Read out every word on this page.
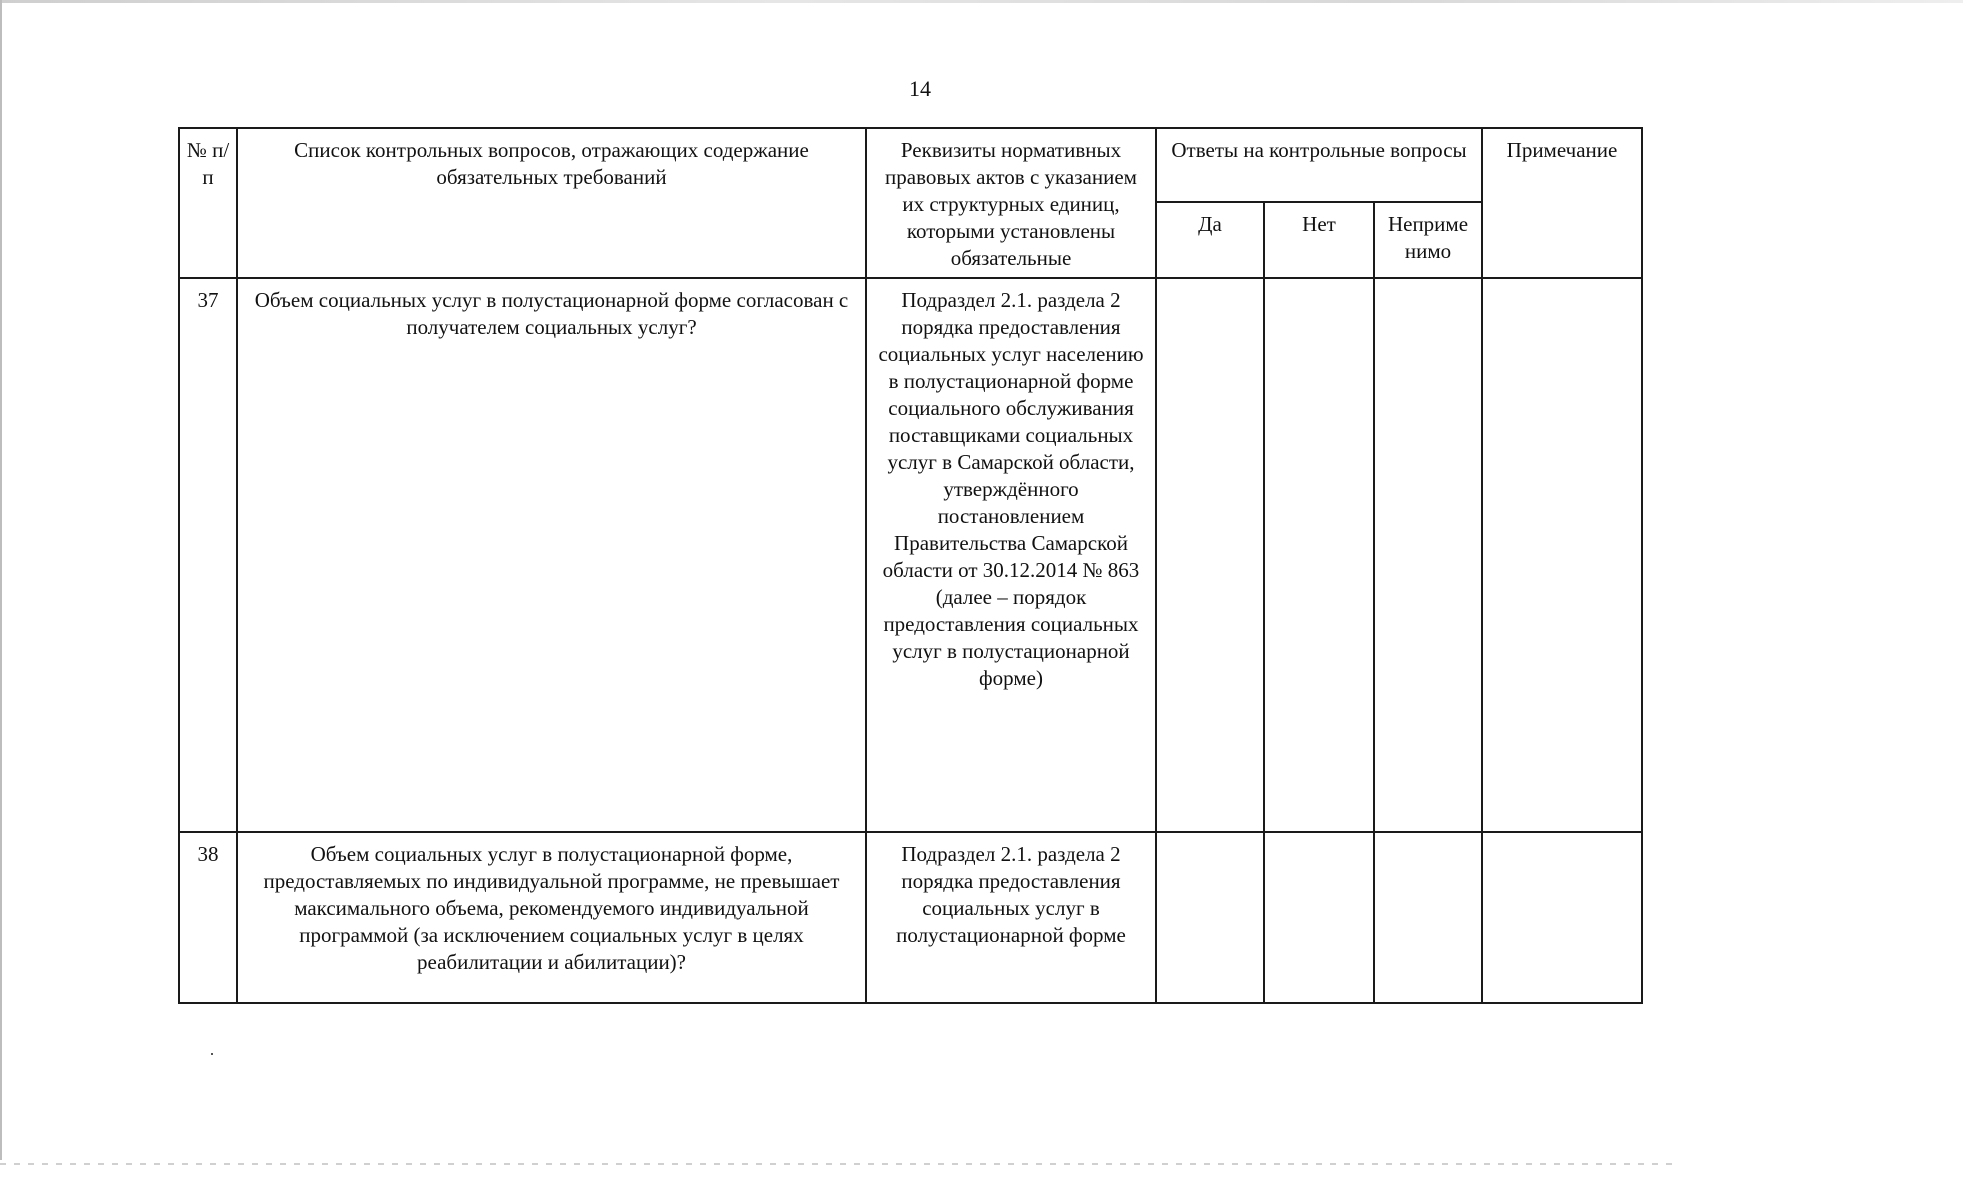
14
№ п/п	Список контрольных вопросов, отражающих содержание обязательных требований	Реквизиты нормативных правовых актов с указанием их структурных единиц, которыми установлены обязательные	Ответы на контрольные вопросы			Примечание
			Да	Нет	Неприме нимо	
37	Объем социальных услуг в полустационарной форме согласован с получателем социальных услуг?	Подраздел 2.1. раздела 2 порядка предоставления социальных услуг населению в полустационарной форме социального обслуживания поставщиками социальных услуг в Самарской области, утверждённого постановлением Правительства Самарской области от 30.12.2014 № 863 (далее – порядок предоставления социальных услуг в полустационарной форме)				
38	Объем социальных услуг в полустационарной форме, предоставляемых по индивидуальной программе, не превышает максимального объема, рекомендуемого индивидуальной программой (за исключением социальных услуг в целях реабилитации и абилитации)?	Подраздел 2.1. раздела 2 порядка предоставления социальных услуг в полустационарной форме				
